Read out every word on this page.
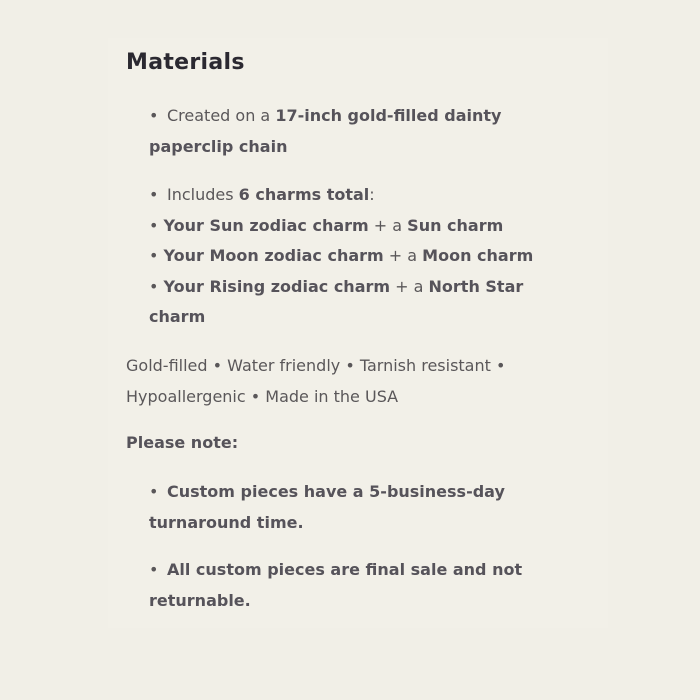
Materials
• Created on a 17-inch gold-filled dainty
paperclip chain
• Includes 6 charms total:
• Your Sun zodiac charm + a Sun charm
• Your Moon zodiac charm + a Moon charm
• Your Rising zodiac charm + a North Star
charm
Gold-filled • Water friendly • Tarnish resistant •
Hypoallergenic • Made in the USA
Please note:
• Custom pieces have a 5-business-day
turnaround time.
• All custom pieces are final sale and not
returnable.
